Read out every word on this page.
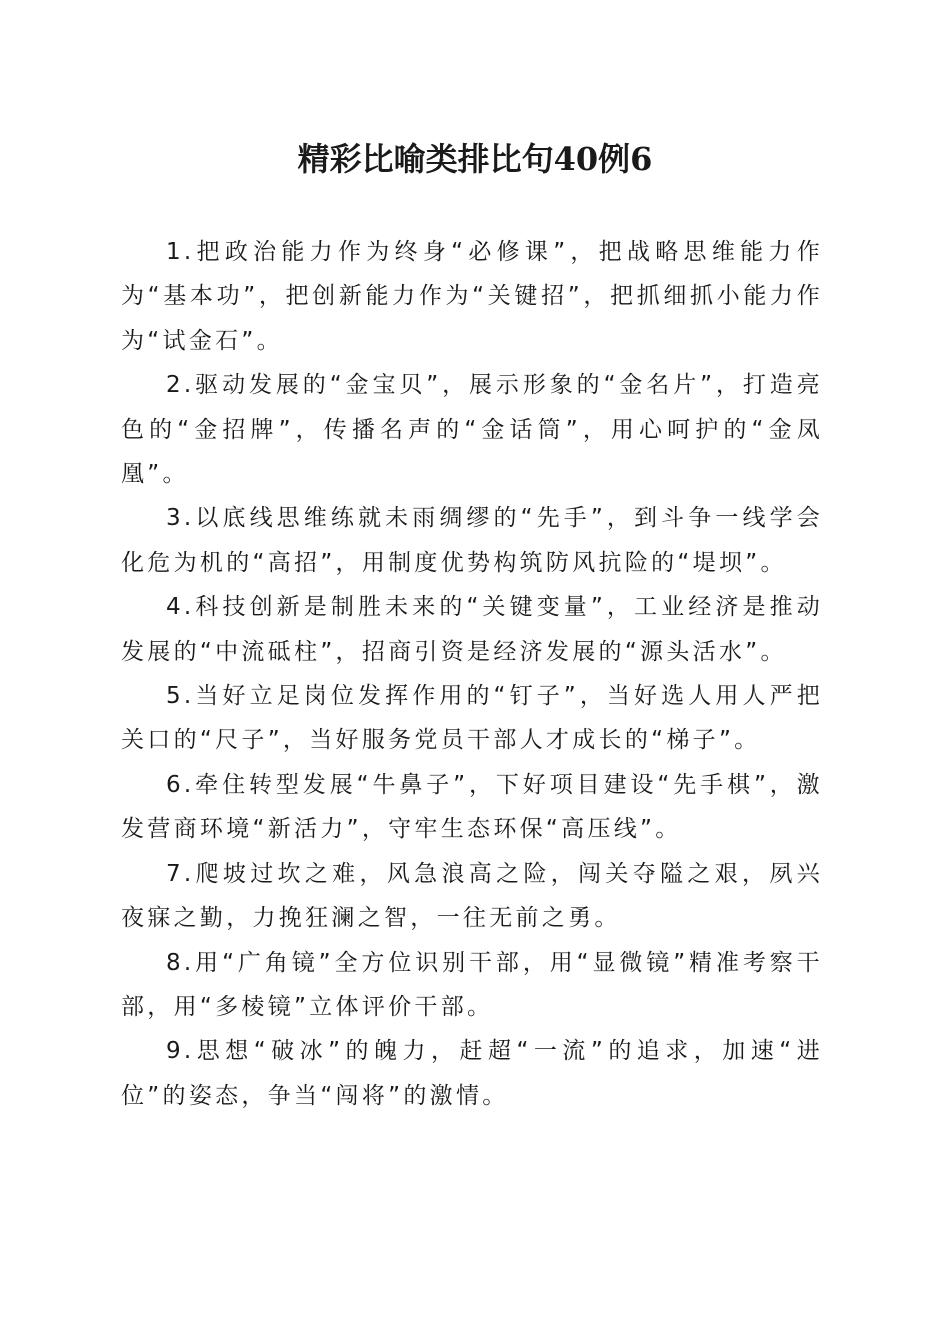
精彩比喻类排比句40例6

1.把政治能力作为终身“必修课”，把战略思维能力作为“基本功”，把创新能力作为“关键招”，把抓细抓小能力作为“试金石”。

2.驱动发展的“金宝贝”，展示形象的“金名片”，打造亮色的“金招牌”，传播名声的“金话筒”，用心呵护的“金凤凰”。

3.以底线思维练就未雨绸缪的“先手”，到斗争一线学会化危为机的“高招”，用制度优势构筑防风抗险的“堤坝”。

4.科技创新是制胜未来的“关键变量”，工业经济是推动发展的“中流砥柱”，招商引资是经济发展的“源头活水”。

5.当好立足岗位发挥作用的“钉子”，当好选人用人严把关口的“尺子”，当好服务党员干部人才成长的“梯子”。

6.牵住转型发展“牛鼻子”，下好项目建设“先手棋”，激发营商环境“新活力”，守牢生态环保“高压线”。

7.爬坡过坎之难，风急浪高之险，闯关夺隘之艰，夙兴夜寐之勤，力挽狂澜之智，一往无前之勇。

8.用“广角镜”全方位识别干部，用“显微镜”精准考察干部，用“多棱镜”立体评价干部。

9.思想“破冰”的魄力，赶超“一流”的追求，加速“进位”的姿态，争当“闯将”的激情。
